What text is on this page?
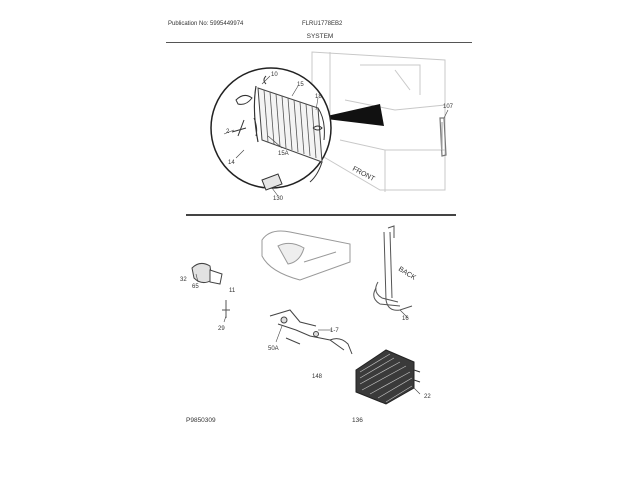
Publication No: 5995449974	FLRU1778EB2
SYSTEM
10
15
18
107
14
15A
130
2
FRONT
BACK
32
65
29
50A
148
16
22
1-7
11
P9850309	136
